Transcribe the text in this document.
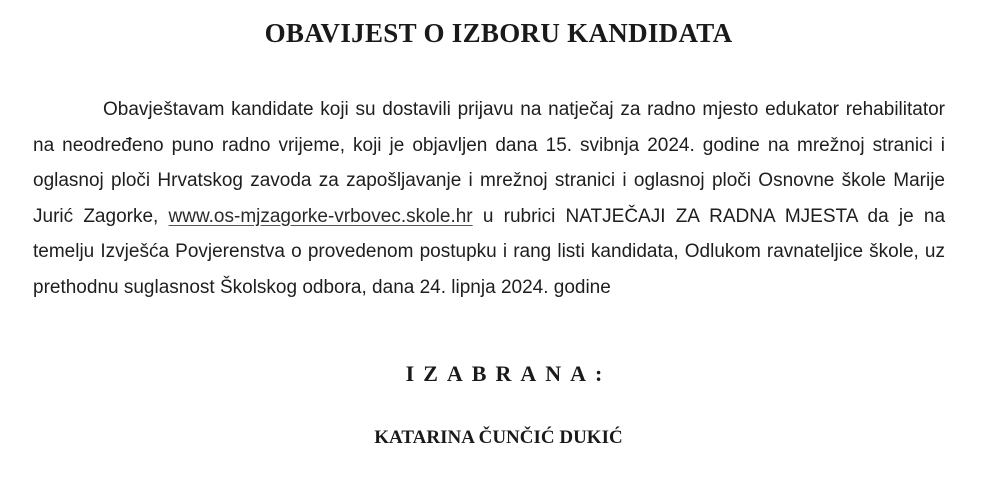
OBAVIJEST O IZBORU KANDIDATA

Obavještavam kandidate koji su dostavili prijavu na natječaj za radno mjesto edukator rehabilitator na neodređeno puno radno vrijeme, koji je objavljen dana 15. svibnja 2024. godine na mrežnoj stranici i oglasnoj ploči Hrvatskog zavoda za zapošljavanje i mrežnoj stranici i oglasnoj ploči Osnovne škole Marije Jurić Zagorke, www.os-mjzagorke-vrbovec.skole.hr u rubrici NATJEČAJI ZA RADNA MJESTA da je na temelju Izvješća Povjerenstva o provedenom postupku i rang listi kandidata, Odlukom ravnateljice škole, uz prethodnu suglasnost Školskog odbora, dana 24. lipnja 2024. godine

IZABRANA:

KATARINA ČUNČIĆ DUKIĆ
